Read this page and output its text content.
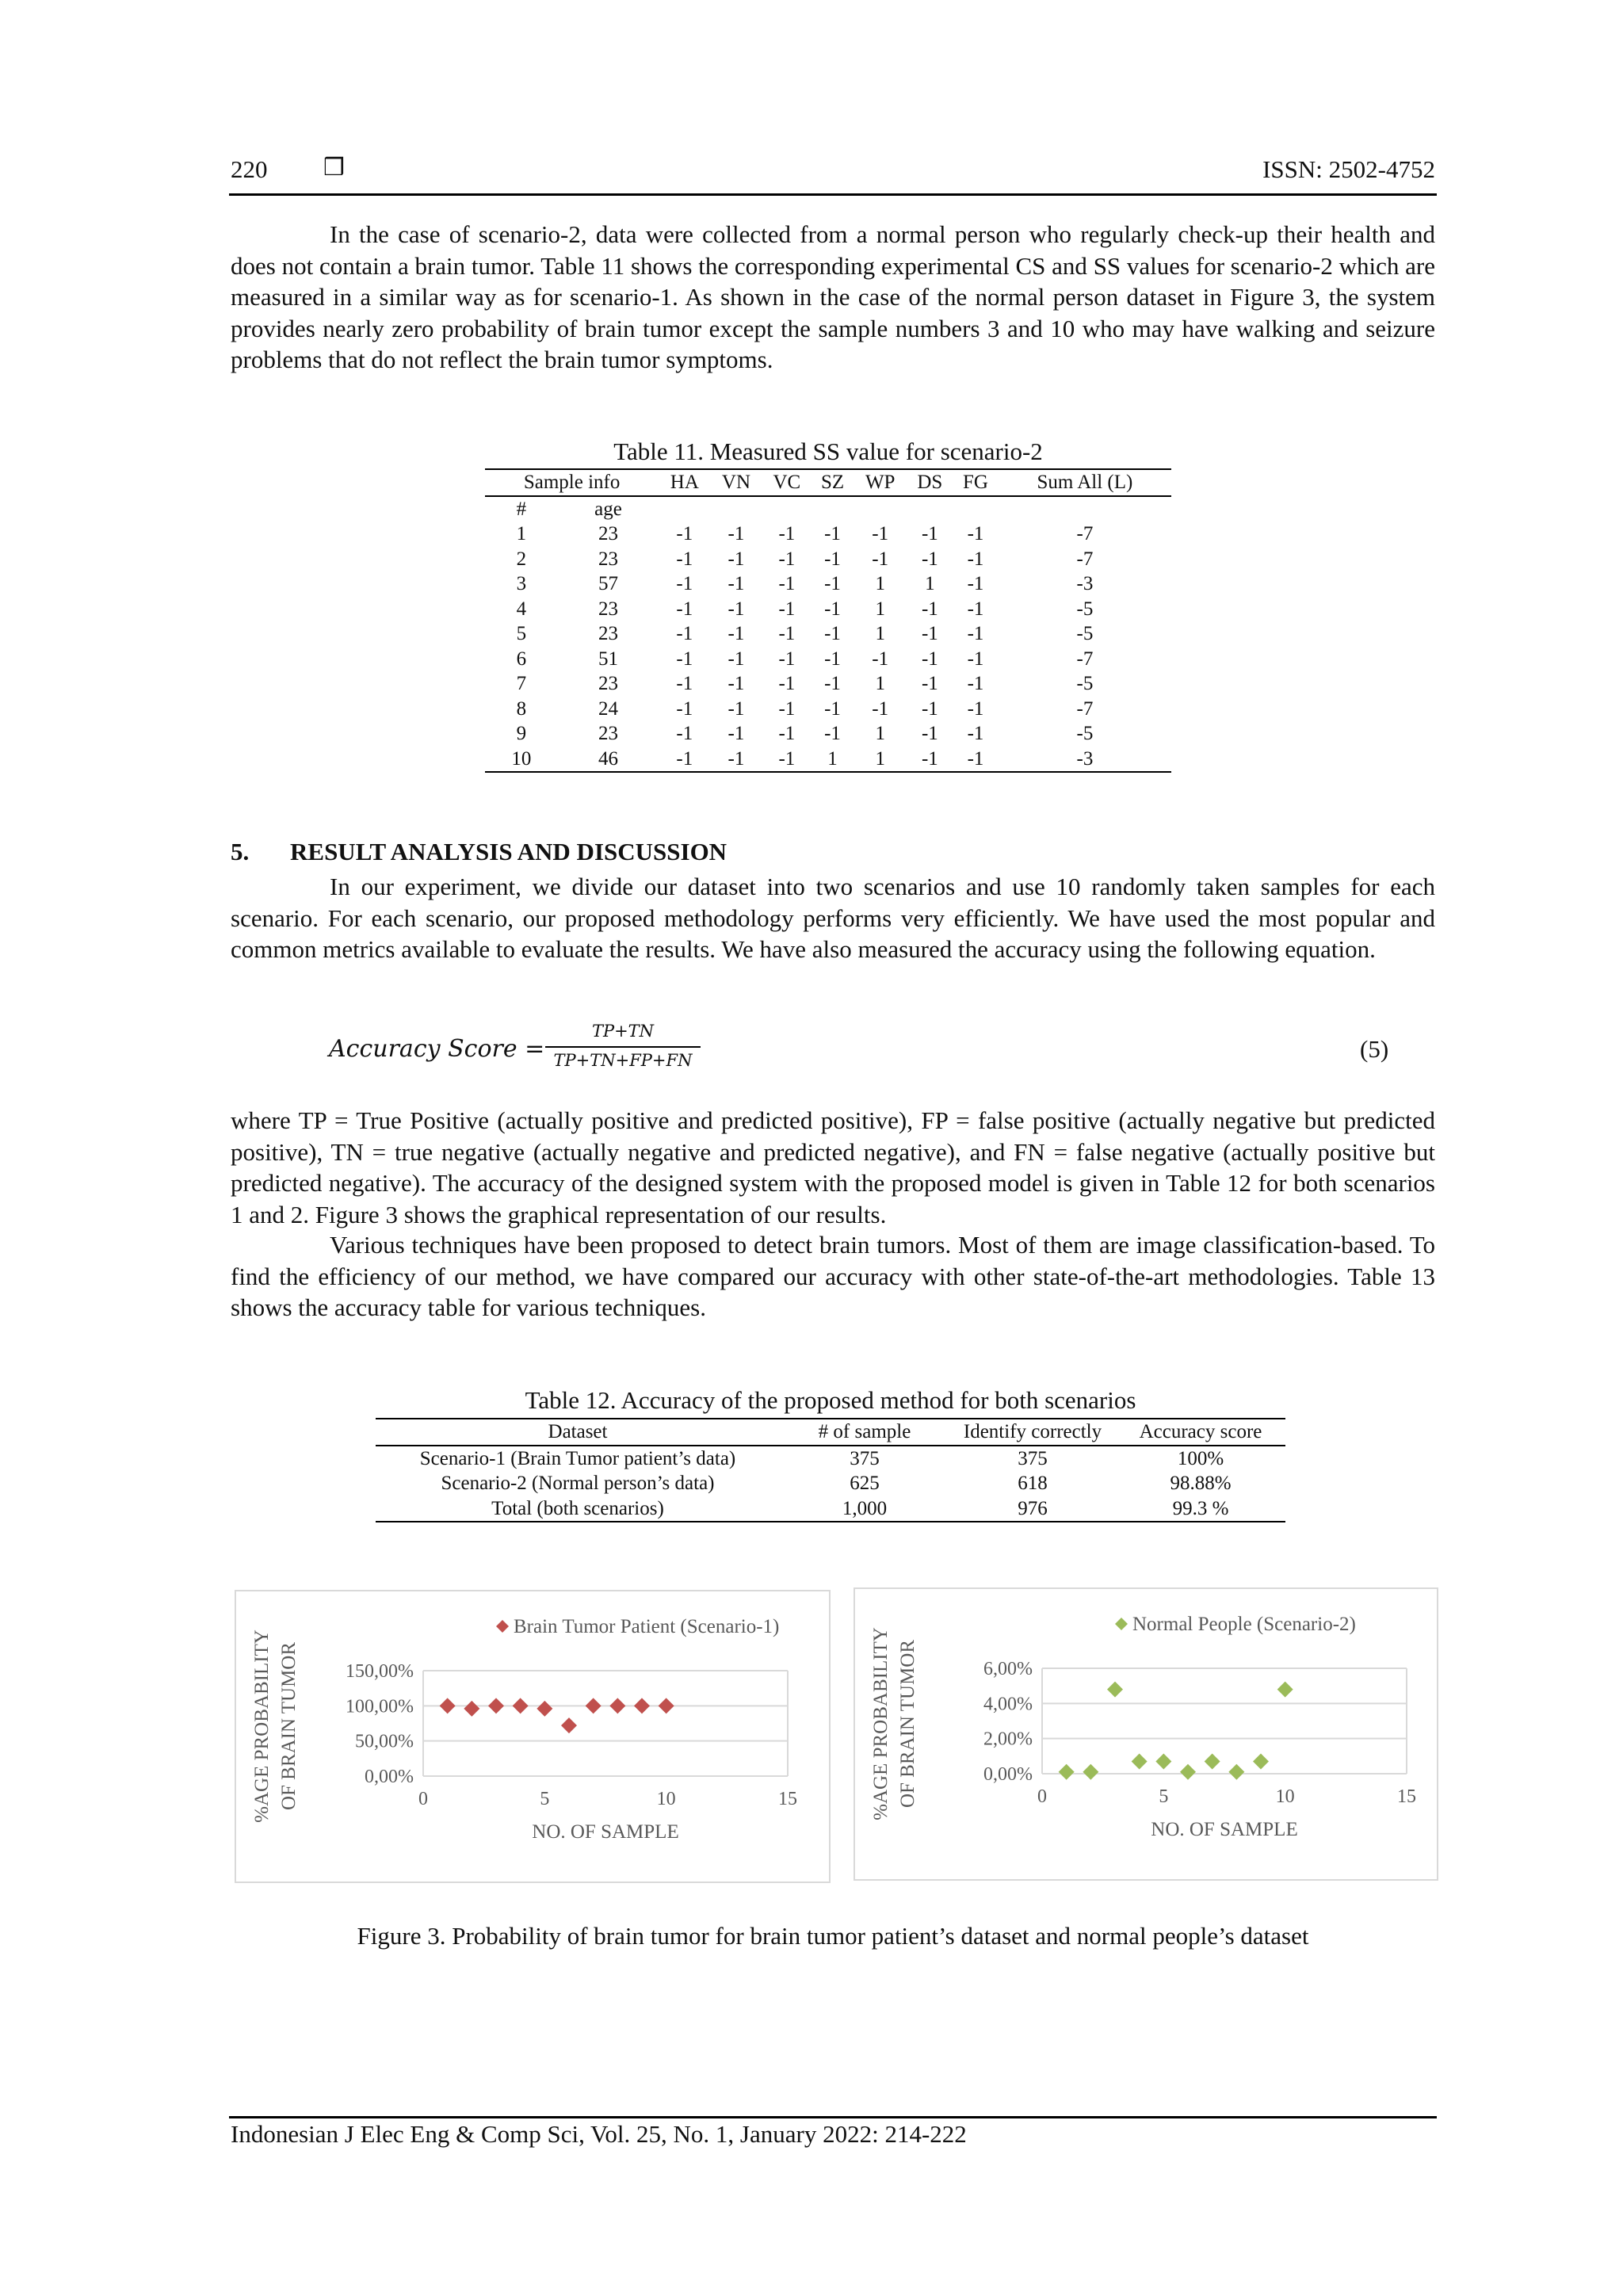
220 ❒	ISSN: 2502-4752

In the case of scenario-2, data were collected from a normal person who regularly check-up their health and does not contain a brain tumor. Table 11 shows the corresponding experimental CS and SS values for scenario-2 which are measured in a similar way as for scenario-1. As shown in the case of the normal person dataset in Figure 3, the system provides nearly zero probability of brain tumor except the sample numbers 3 and 10 who may have walking and seizure problems that do not reflect the brain tumor symptoms.

Table 11. Measured SS value for scenario-2
Sample info		HA	VN	VC	SZ	WP	DS	FG	Sum All (L)
#	age								
1	23	-1	-1	-1	-1	-1	-1	-1	-7
2	23	-1	-1	-1	-1	-1	-1	-1	-7
3	57	-1	-1	-1	-1	1	1	-1	-3
4	23	-1	-1	-1	-1	1	-1	-1	-5
5	23	-1	-1	-1	-1	1	-1	-1	-5
6	51	-1	-1	-1	-1	-1	-1	-1	-7
7	23	-1	-1	-1	-1	1	-1	-1	-5
8	24	-1	-1	-1	-1	-1	-1	-1	-7
9	23	-1	-1	-1	-1	1	-1	-1	-5
10	46	-1	-1	-1	1	1	-1	-1	-3
5. RESULT ANALYSIS AND DISCUSSION

In our experiment, we divide our dataset into two scenarios and use 10 randomly taken samples for each scenario. For each scenario, our proposed methodology performs very efficiently. We have used the most popular and common metrics available to evaluate the results. We have also measured the accuracy using the following equation.

Accuracy Score =
TP+TN
TP+TN+FP+FN	(5)

where TP = True Positive (actually positive and predicted positive), FP = false positive (actually negative but predicted positive), TN = true negative (actually negative and predicted negative), and FN = false negative (actually positive but predicted negative). The accuracy of the designed system with the proposed model is given in Table 12 for both scenarios 1 and 2. Figure 3 shows the graphical representation of our results.

Various techniques have been proposed to detect brain tumors. Most of them are image classification-based. To find the efficiency of our method, we have compared our accuracy with other state-of-the-art methodologies. Table 13 shows the accuracy table for various techniques.

Table 12. Accuracy of the proposed method for both scenarios
Dataset	# of sample	Identify correctly	Accuracy score
Scenario-1 (Brain Tumor patient’s data)	375	375	100%
Scenario-2 (Normal person’s data)	625	618	98.88%
Total (both scenarios)	1,000	976	99.3 %
Brain Tumor Patient (Scenario-1)
0,00%
50,00%
100,00%
150,00%
0	5	10	15
NO. OF SAMPLE
%AGE PROBABILITY OF BRAIN TUMOR
Normal People (Scenario-2)
0,00%
2,00%
4,00%
6,00%
0	5	10	15
NO. OF SAMPLE
%AGE PROBABILITY OF BRAIN TUMOR
Figure 3. Probability of brain tumor for brain tumor patient’s dataset and normal people’s dataset
Indonesian J Elec Eng & Comp Sci, Vol. 25, No. 1, January 2022: 214-222
